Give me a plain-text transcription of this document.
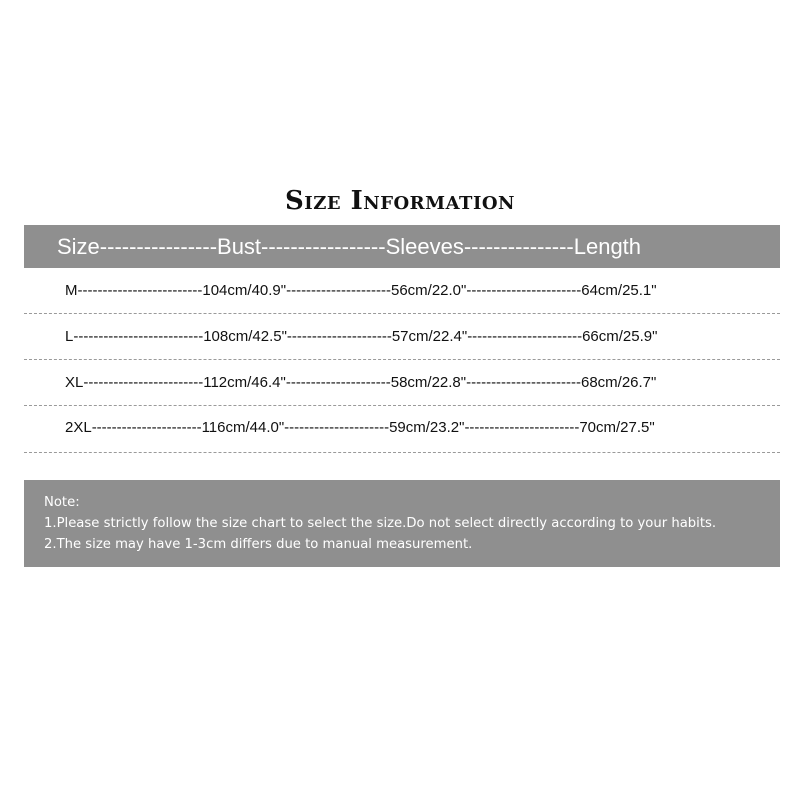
Size Information
Size----------------Bust-----------------Sleeves---------------Length
M-------------------------104cm/40.9"---------------------56cm/22.0"-----------------------64cm/25.1"
L--------------------------108cm/42.5"---------------------57cm/22.4"-----------------------66cm/25.9"
XL------------------------112cm/46.4"---------------------58cm/22.8"-----------------------68cm/26.7"
2XL----------------------116cm/44.0"---------------------59cm/23.2"-----------------------70cm/27.5"
Note:
1.Please strictly follow the size chart to select the size.Do not select directly according to your habits.
2.The size may have 1-3cm differs due to manual measurement.
